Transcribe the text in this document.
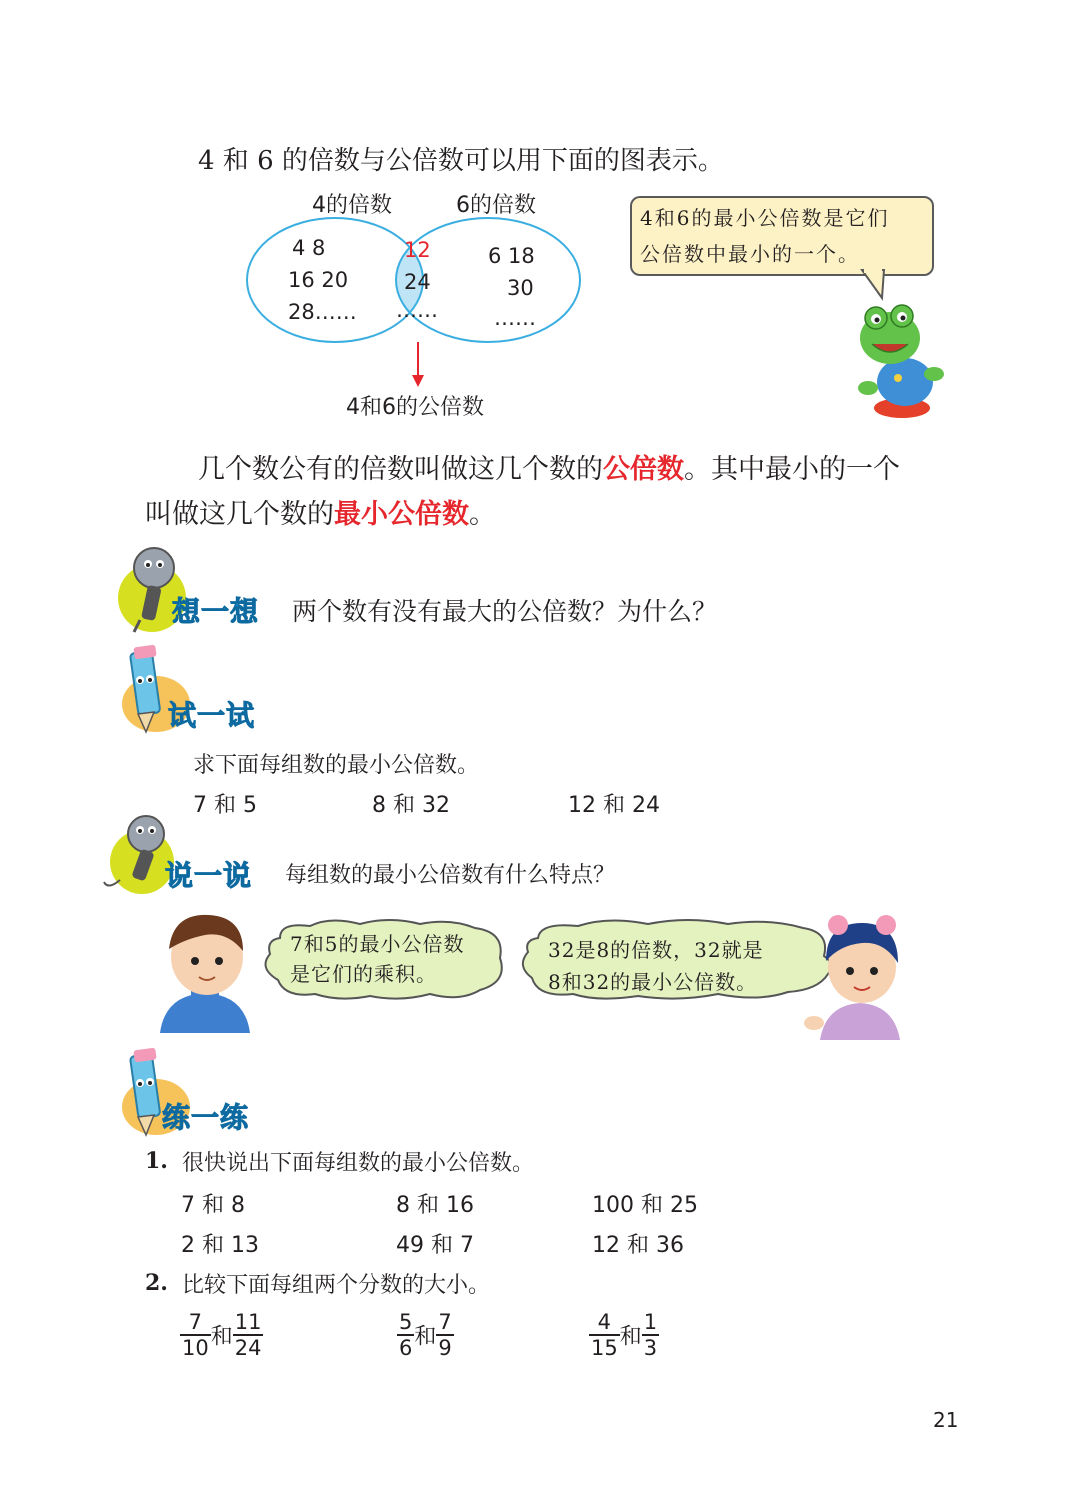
4 和 6 的倍数与公倍数可以用下面的图表示。
4的倍数	6的倍数
4 8
16 20
28……
12
24
……
6 18
30
……
4和6的公倍数
4和6的最小公倍数是它们
公倍数中最小的一个。
几个数公有的倍数叫做这几个数的公倍数。其中最小的一个
叫做这几个数的最小公倍数。
想一想 两个数有没有最大的公倍数？为什么？
试一试
求下面每组数的最小公倍数。
7 和 5	8 和 32	12 和 24
说一说 每组数的最小公倍数有什么特点？
7和5的最小公倍数
是它们的乘积。
32是8的倍数，32就是
8和32的最小公倍数。
练一练
1. 很快说出下面每组数的最小公倍数。
7 和 8	8 和 16	100 和 25
2 和 13	49 和 7	12 和 36
2. 比较下面每组两个分数的大小。
$\frac{7}{10}$ 和 $\frac{11}{24}$	$\frac{5}{6}$ 和 $\frac{7}{9}$	$\frac{4}{15}$ 和 $\frac{1}{3}$
21
